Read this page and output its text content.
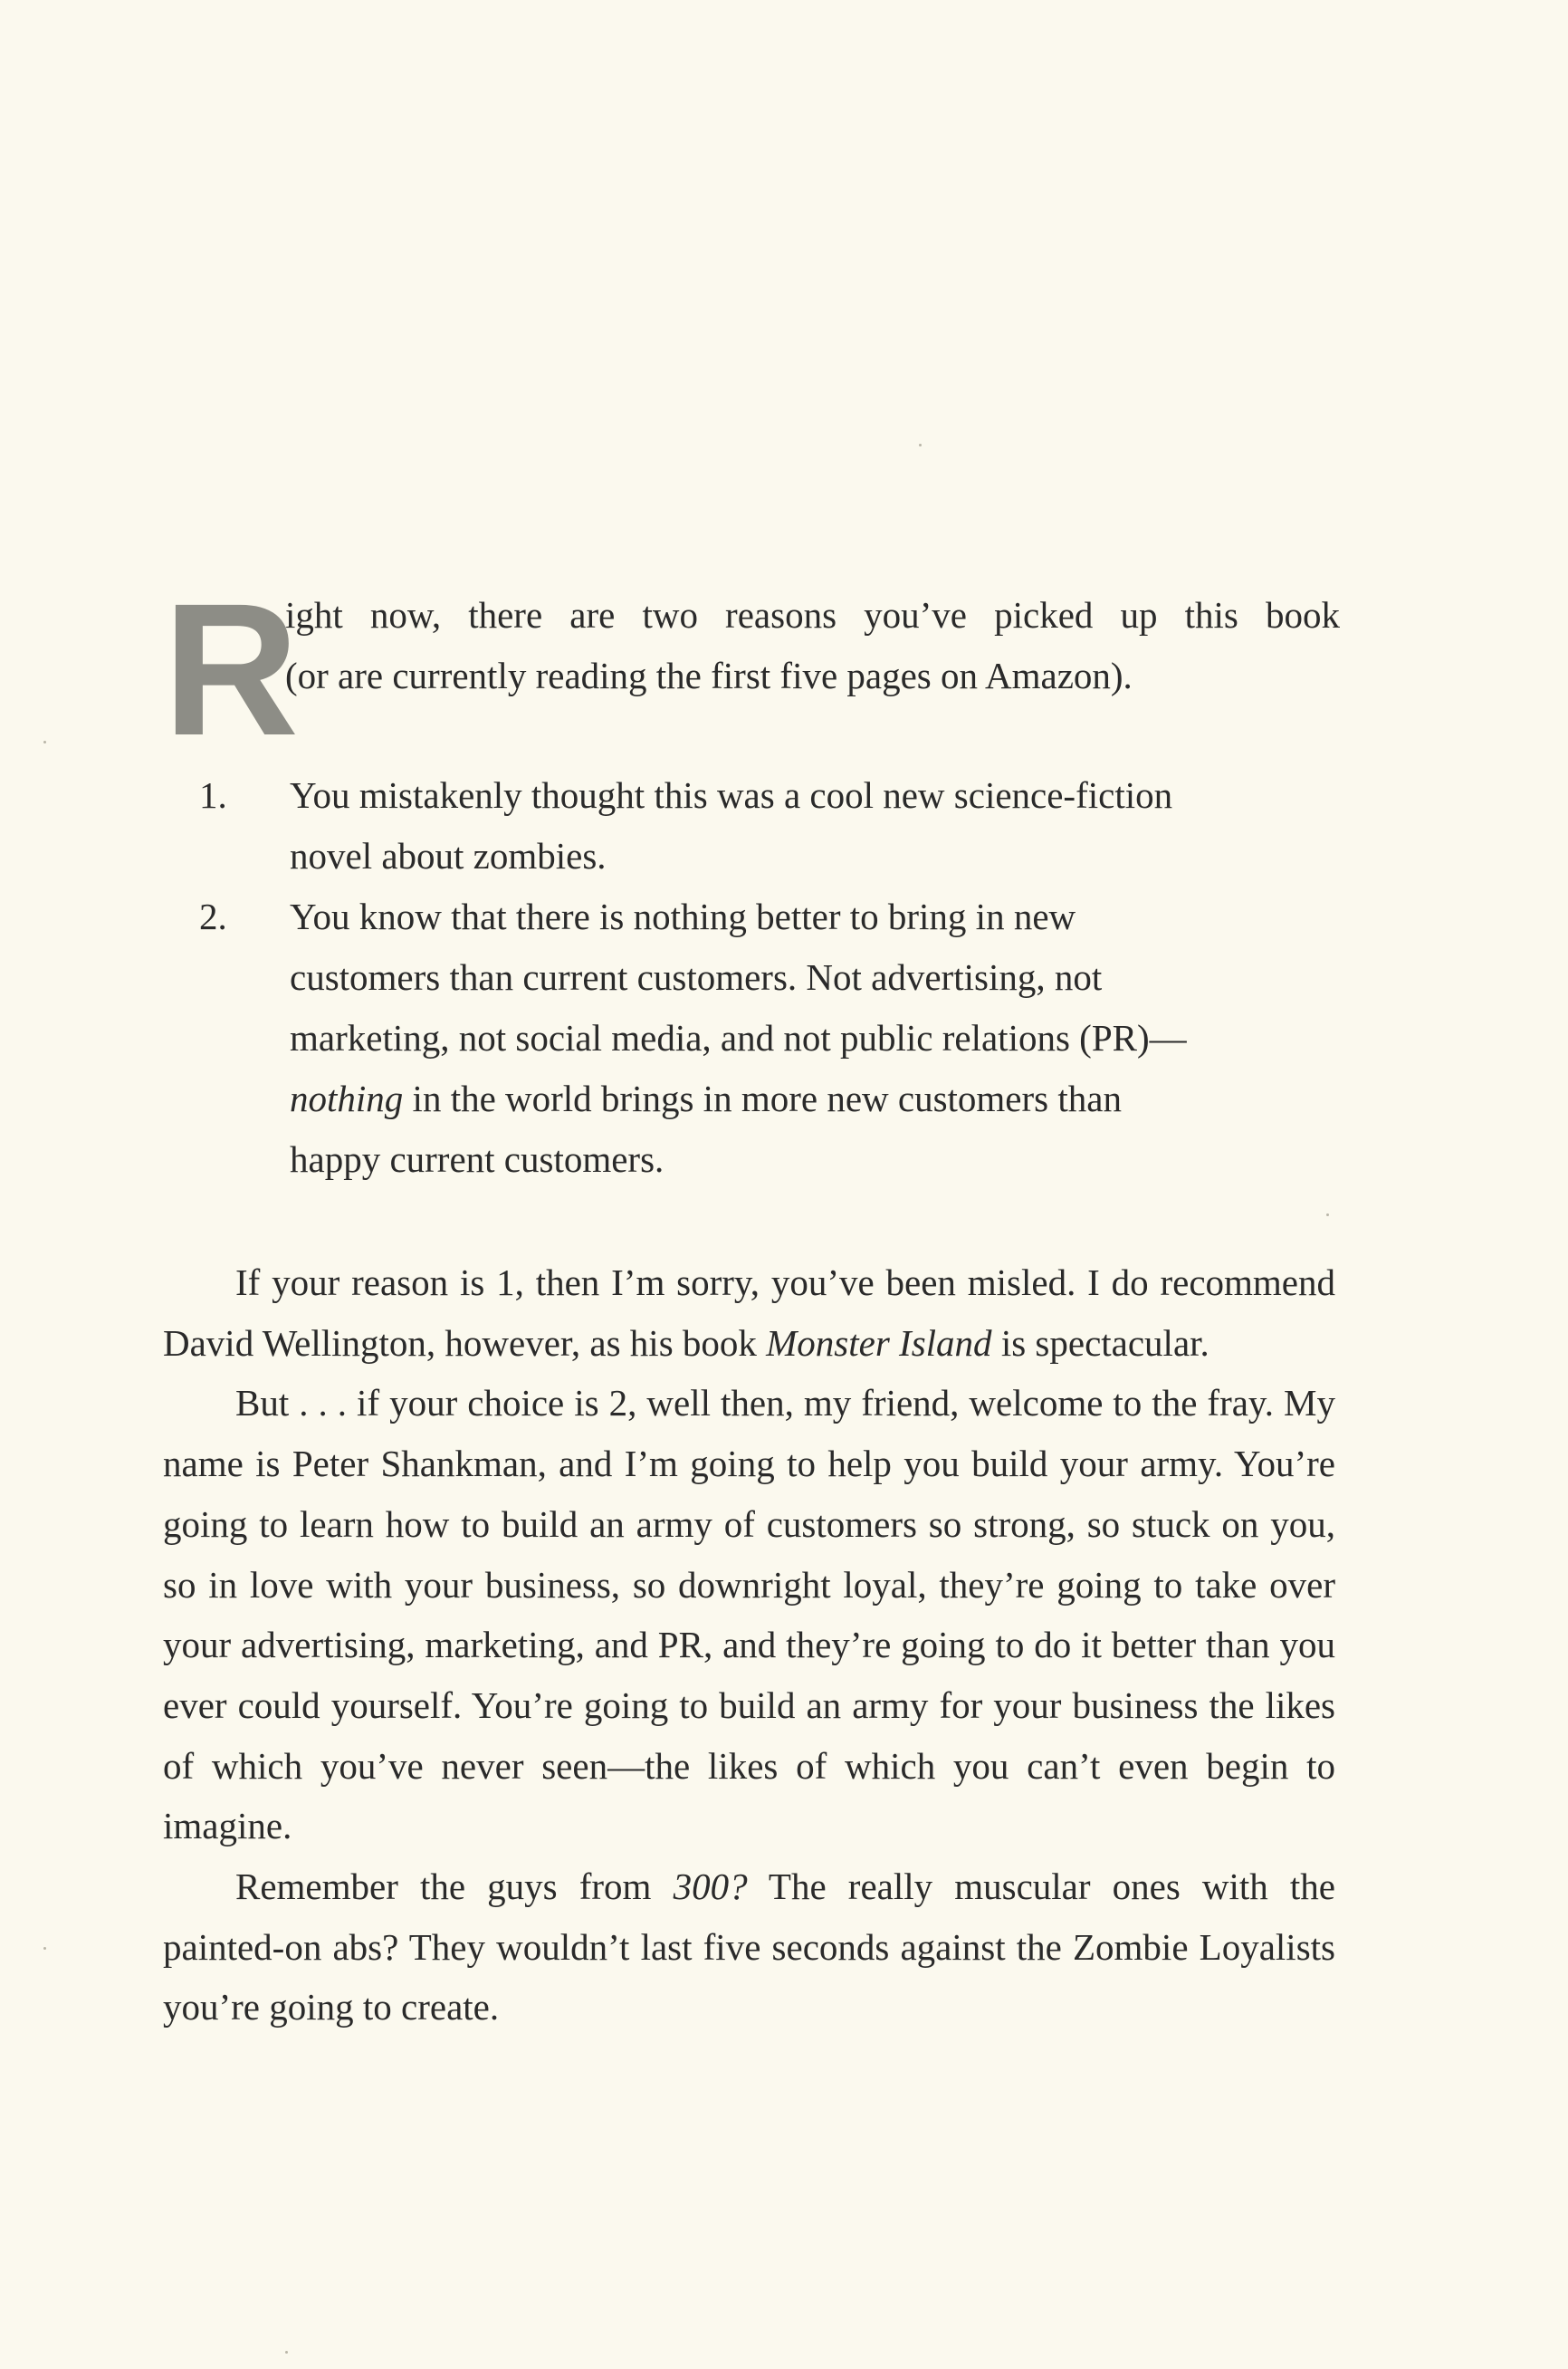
R
ight now, there are two reasons you’ve picked up this book
(or are currently reading the first five pages on Amazon).
1. You mistakenly thought this was a cool new science-fiction
novel about zombies.
2. You know that there is nothing better to bring in new
customers than current customers. Not advertising, not
marketing, not social media, and not public relations (PR)—
nothing in the world brings in more new customers than
happy current customers.

If your reason is 1, then I’m sorry, you’ve been misled. I do recommend David Wellington, however, as his book Monster Island is spectacular.

But . . . if your choice is 2, well then, my friend, welcome to the fray. My name is Peter Shankman, and I’m going to help you build your army. You’re going to learn how to build an army of customers so strong, so stuck on you, so in love with your business, so downright loyal, they’re going to take over your advertising, marketing, and PR, and they’re going to do it better than you ever could yourself. You’re going to build an army for your business the likes of which you’ve never seen—the likes of which you can’t even begin to imagine.

Remember the guys from 300? The really muscular ones with the painted-on abs? They wouldn’t last five seconds against the Zombie Loyalists you’re going to create.
